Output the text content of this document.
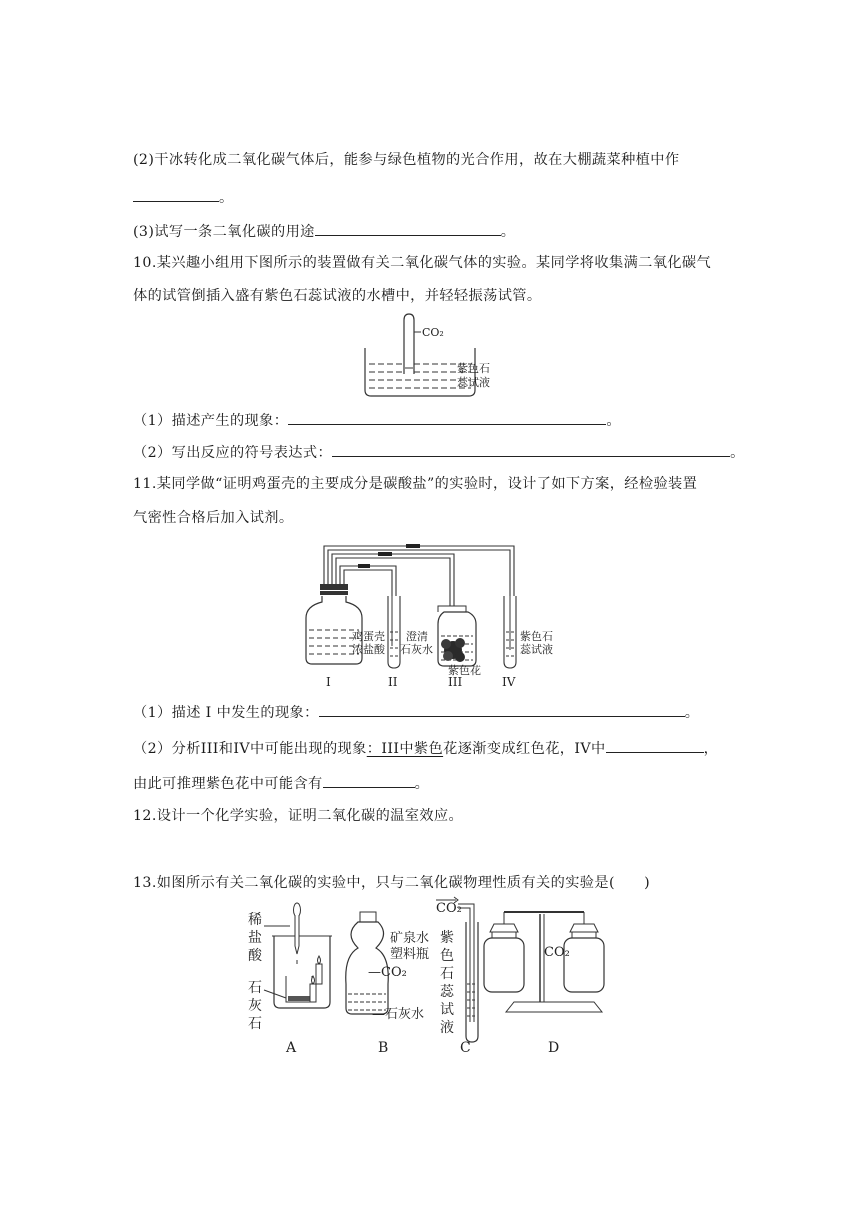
(2)干冰转化成二氧化碳气体后，能参与绿色植物的光合作用，故在大棚蔬菜种植中作
。
(3)试写一条二氧化碳的用途	。
10.某兴趣小组用下图所示的装置做有关二氧化碳气体的实验。某同学将收集满二氧化碳气
体的试管倒插入盛有紫色石蕊试液的水槽中，并轻轻振荡试管。
CO₂
紫色石
蕊试液
（1）描述产生的现象：	。
（2）写出反应的符号表达式：	。
11.某同学做“证明鸡蛋壳的主要成分是碳酸盐”的实验时，设计了如下方案，经检验装置
气密性合格后加入试剂。
鸡蛋壳
浓盐酸
澄清
石灰水
紫色花
紫色石
蕊试液
I	II	III	IV
（1）描述 I 中发生的现象：	。
（2）分析III和IV中可能出现的现象：III中紫色花逐渐变成红色花，IV中	，
由此可推理紫色花中可能含有	。
12.设计一个化学实验，证明二氧化碳的温室效应。
13.如图所示有关二氧化碳的实验中，只与二氧化碳物理性质有关的实验是(　　)
稀
盐
酸
石
灰
石
A
矿泉水
塑料瓶
—CO₂
—石灰水
B
CO₂
紫
色
石
蕊
试
液
C
CO₂
D
